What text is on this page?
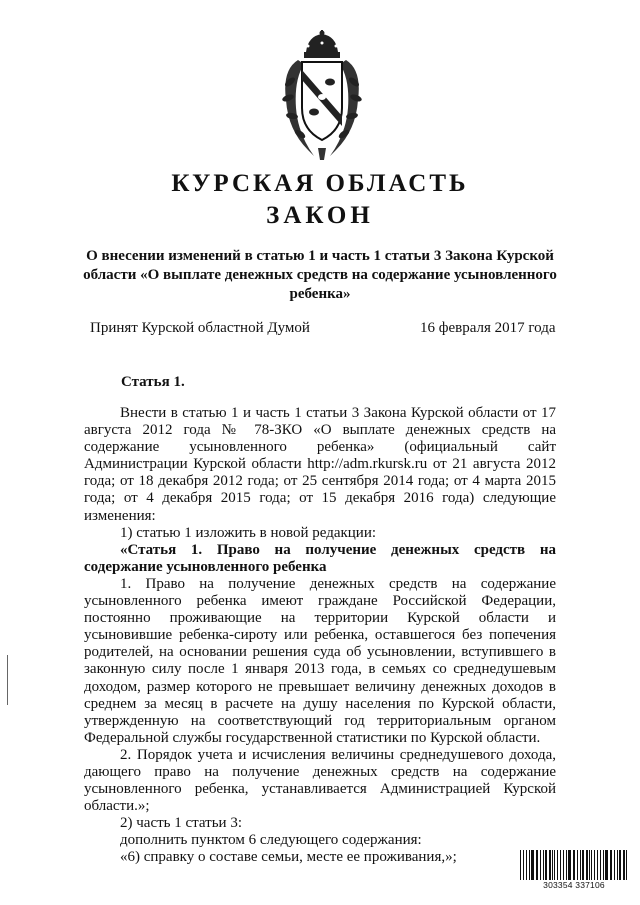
КУРСКАЯ ОБЛАСТЬ
ЗАКОН
О внесении изменений в статью 1 и часть 1 статьи 3 Закона Курской области «О выплате денежных средств на содержание усыновленного ребенка»
Принят Курской областной Думой	16 февраля 2017 года
Статья 1.

Внести в статью 1 и часть 1 статьи 3 Закона Курской области от 17 августа 2012 года № 78-ЗКО «О выплате денежных средств на содержание усыновленного ребенка» (официальный сайт Администрации Курской области http://adm.rkursk.ru от 21 августа 2012 года; от 18 декабря 2012 года; от 25 сентября 2014 года; от 4 марта 2015 года; от 4 декабря 2015 года; от 15 декабря 2016 года) следующие изменения:

1) статью 1 изложить в новой редакции:

«Статья 1. Право на получение денежных средств на содержание усыновленного ребенка

1. Право на получение денежных средств на содержание усыновленного ребенка имеют граждане Российской Федерации, постоянно проживающие на территории Курской области и усыновившие ребенка-сироту или ребенка, оставшегося без попечения родителей, на основании решения суда об усыновлении, вступившего в законную силу после 1 января 2013 года, в семьях со среднедушевым доходом, размер которого не превышает величину денежных доходов в среднем за месяц в расчете на душу населения по Курской области, утвержденную на соответствующий год территориальным органом Федеральной службы государственной статистики по Курской области.

2. Порядок учета и исчисления величины среднедушевого дохода, дающего право на получение денежных средств на содержание усыновленного ребенка, устанавливается Администрацией Курской области.»;

2) часть 1 статьи 3:

дополнить пунктом 6 следующего содержания:

«6) справку о составе семьи, месте ее проживания,»;

303354 337106
